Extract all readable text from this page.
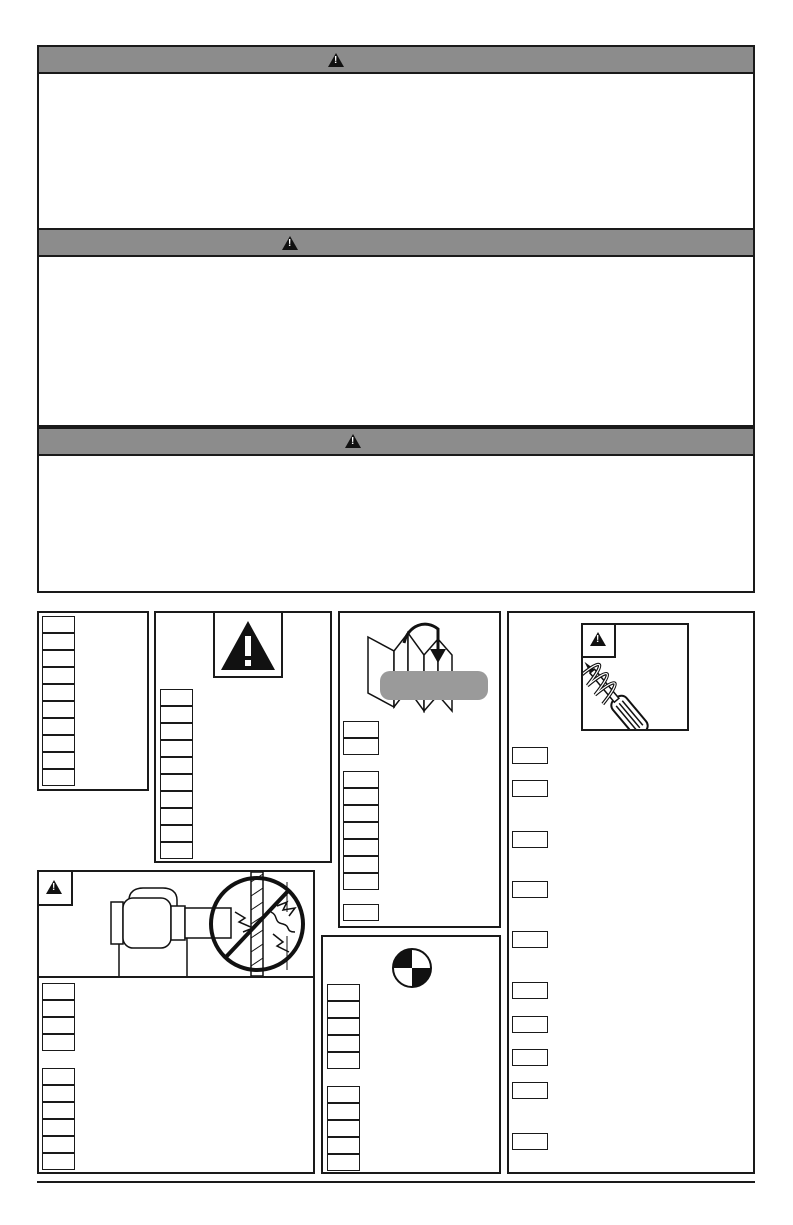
!
!
!
!
!
